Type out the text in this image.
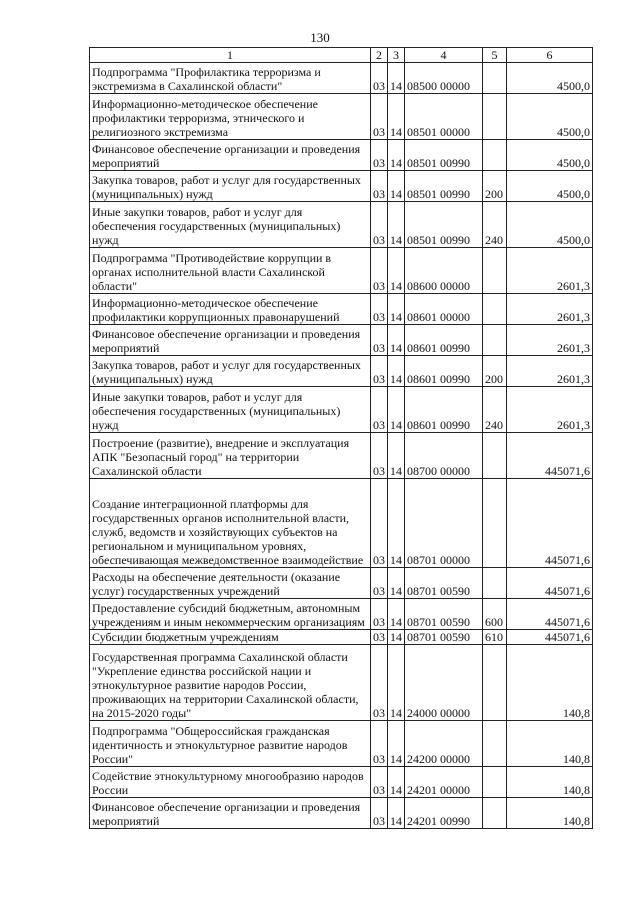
130
1	2	3	4	5	6
Подпрограмма "Профилактика терроризма и экстремизма в Сахалинской области"	03	14	08500 00000		4500,0
Информационно-методическое обеспечение профилактики терроризма, этнического и религиозного экстремизма	03	14	08501 00000		4500,0
Финансовое обеспечение организации и проведения мероприятий	03	14	08501 00990		4500,0
Закупка товаров, работ и услуг для государственных (муниципальных) нужд	03	14	08501 00990	200	4500,0
Иные закупки товаров, работ и услуг для обеспечения государственных (муниципальных) нужд	03	14	08501 00990	240	4500,0
Подпрограмма "Противодействие коррупции в органах исполнительной власти Сахалинской области"	03	14	08600 00000		2601,3
Информационно-методическое обеспечение профилактики коррупционных правонарушений	03	14	08601 00000		2601,3
Финансовое обеспечение организации и проведения мероприятий	03	14	08601 00990		2601,3
Закупка товаров, работ и услуг для государственных (муниципальных) нужд	03	14	08601 00990	200	2601,3
Иные закупки товаров, работ и услуг для обеспечения государственных (муниципальных) нужд	03	14	08601 00990	240	2601,3
Построение (развитие), внедрение и эксплуатация АПК "Безопасный город" на территории Сахалинской области	03	14	08700 00000		445071,6
Создание интеграционной платформы для государственных органов исполнительной власти, служб, ведомств и хозяйствующих субъектов на региональном и муниципальном уровнях, обеспечивающая межведомственное взаимодействие	03	14	08701 00000		445071,6
Расходы на обеспечение деятельности (оказание услуг) государственных учреждений	03	14	08701 00590		445071,6
Предоставление субсидий бюджетным, автономным учреждениям и иным некоммерческим организациям	03	14	08701 00590	600	445071,6
Субсидии бюджетным учреждениям	03	14	08701 00590	610	445071,6
Государственная программа Сахалинской области "Укрепление единства российской нации и этнокультурное развитие народов России, проживающих на территории Сахалинской области, на 2015-2020 годы"	03	14	24000 00000		140,8
Подпрограмма "Общероссийская гражданская идентичность и этнокультурное развитие народов России"	03	14	24200 00000		140,8
Содействие этнокультурному многообразию народов России	03	14	24201 00000		140,8
Финансовое обеспечение организации и проведения мероприятий	03	14	24201 00990		140,8
